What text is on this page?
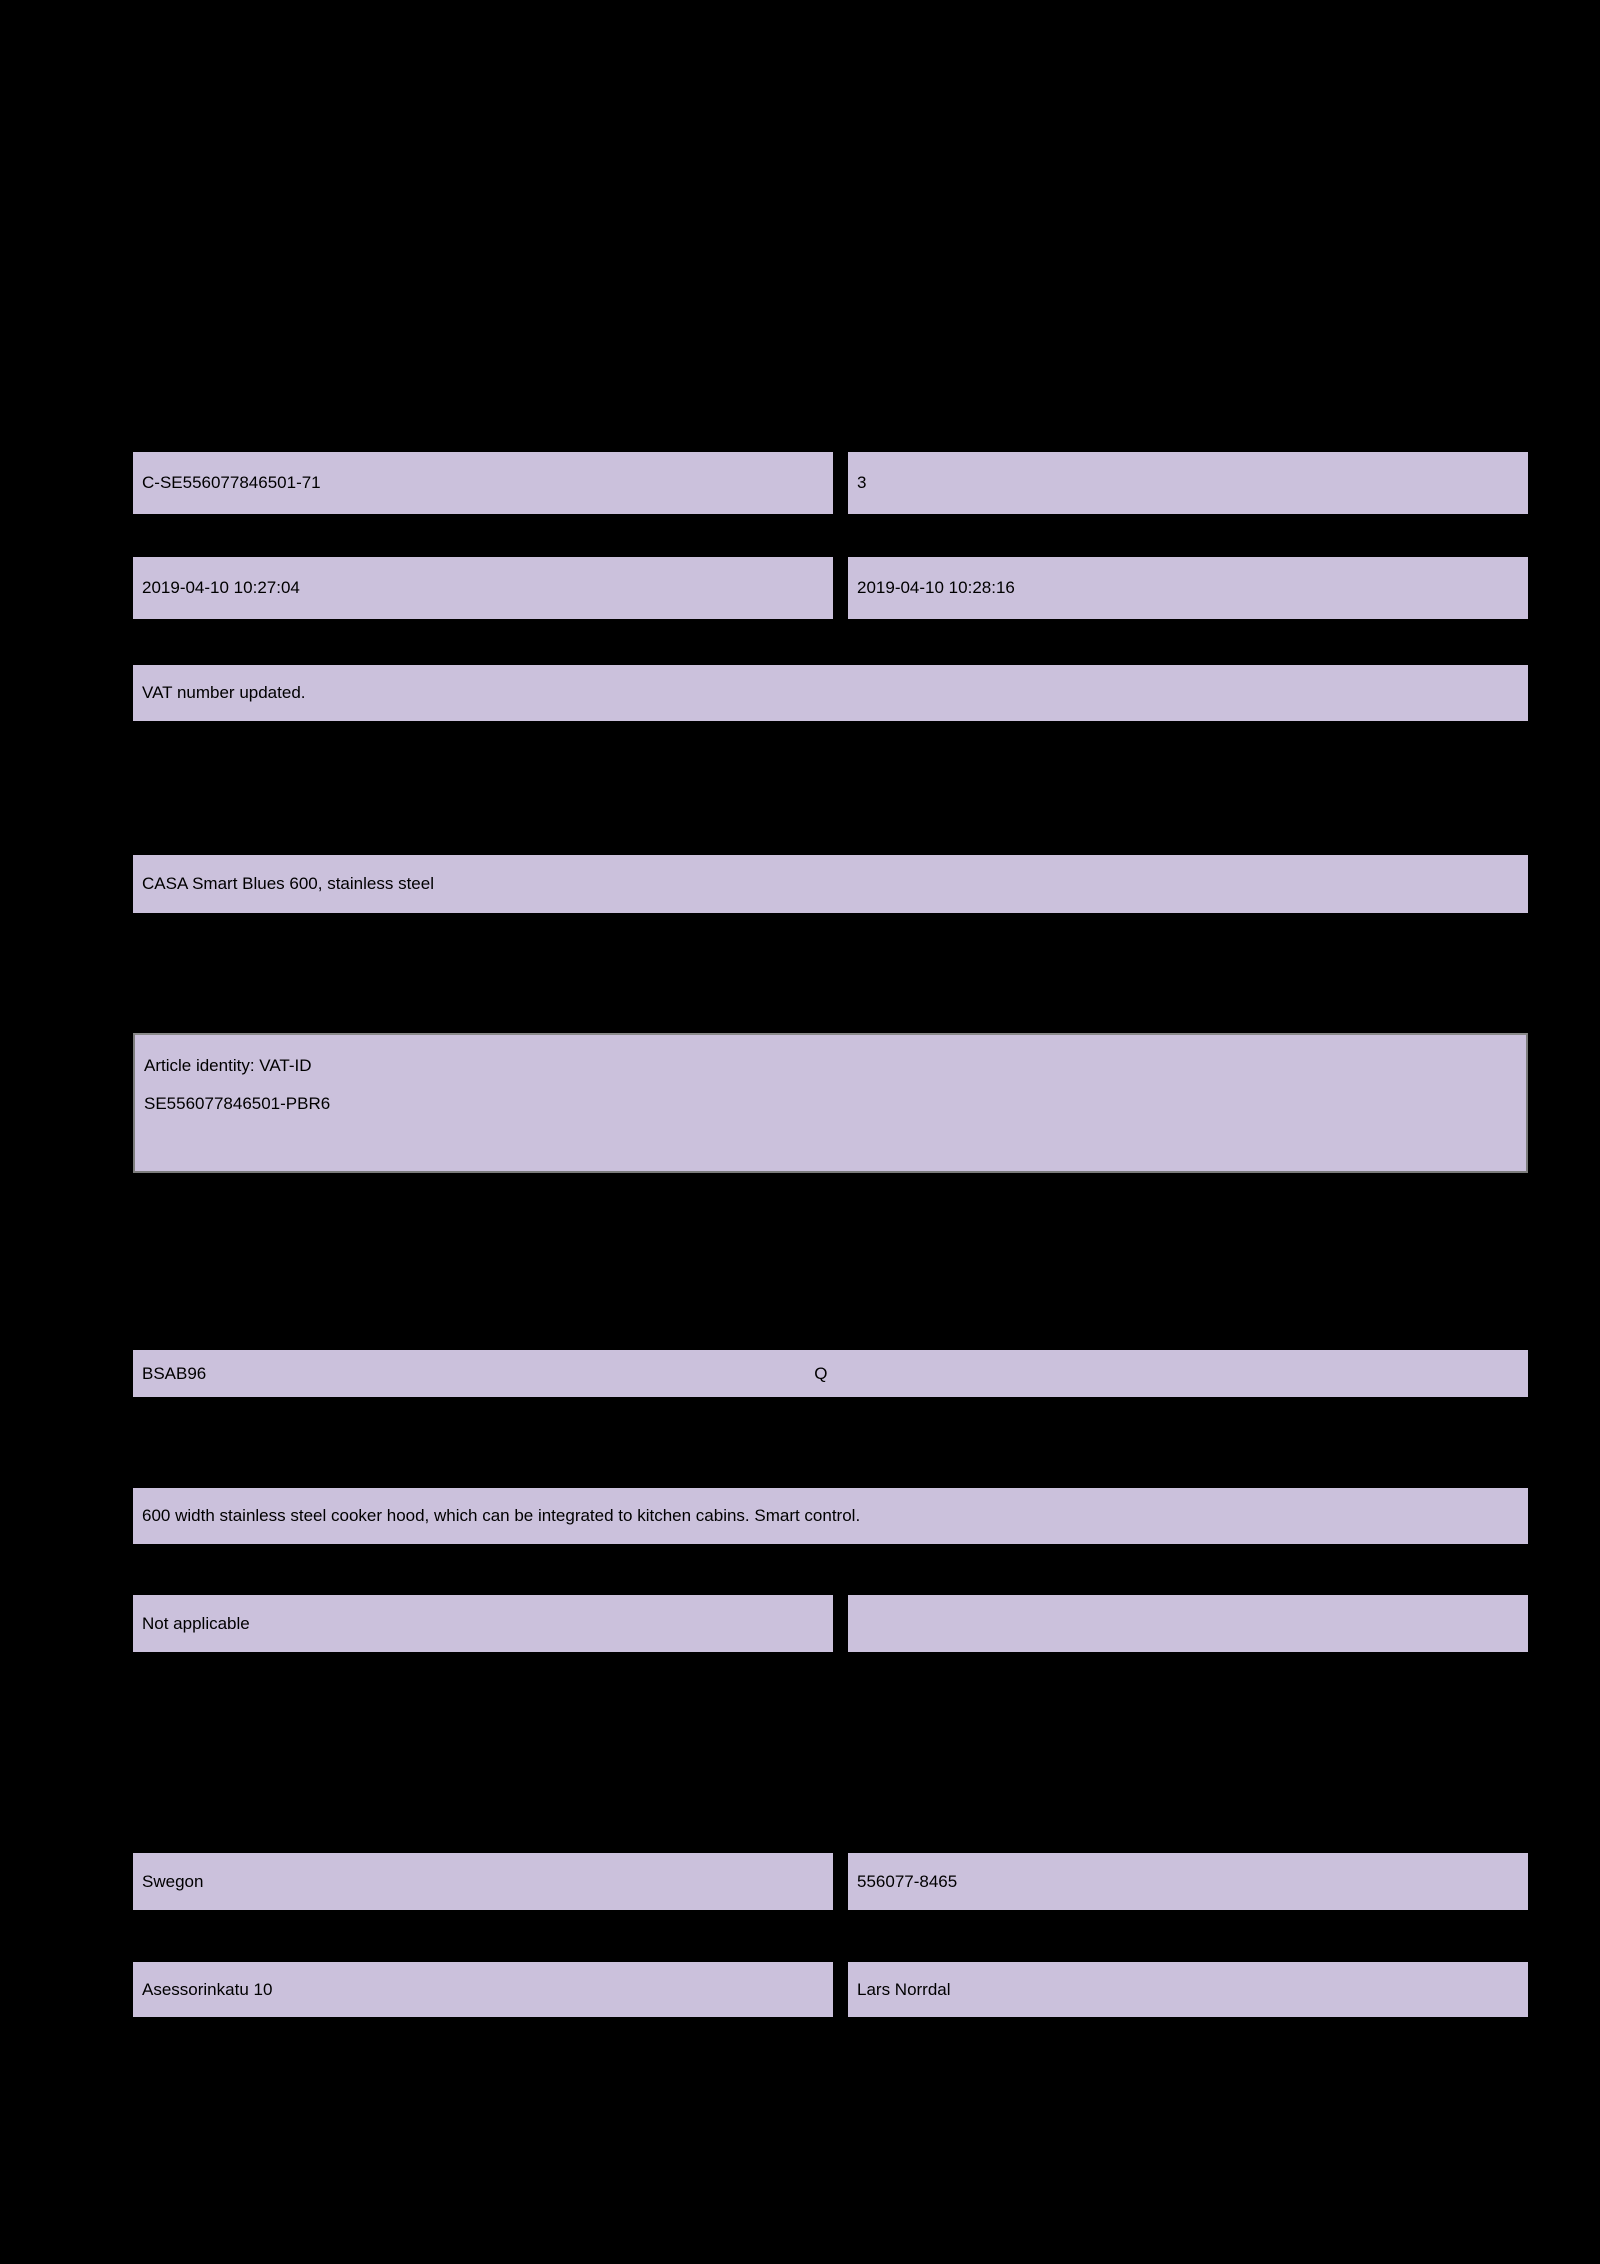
C-SE556077846501-71	3
2019-04-10 10:27:04	2019-04-10 10:28:16
VAT number updated.
CASA Smart Blues 600, stainless steel
Article identity: VAT-ID
SE556077846501-PBR6
BSAB96	Q
600 width stainless steel cooker hood, which can be integrated to kitchen cabins. Smart control.
Not applicable
Swegon	556077-8465
Asessorinkatu 10	Lars Norrdal
